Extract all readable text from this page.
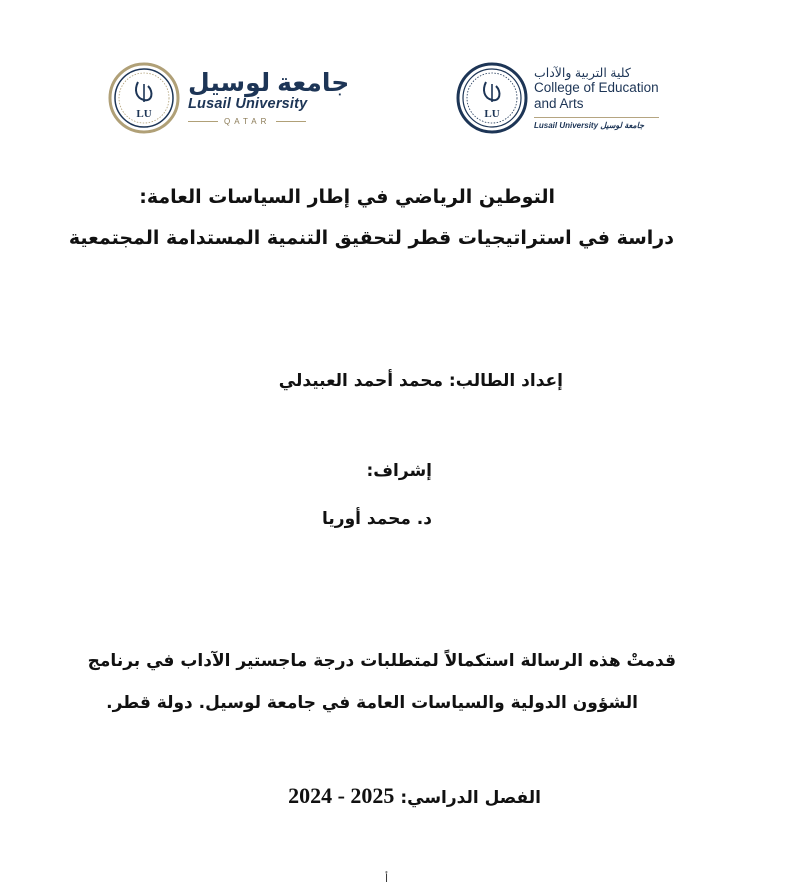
LU
جامعة لوسيل
Lusail University
QATAR
LU
كلية التربية والآداب
College of Education
and Arts
Lusail University جامعة لوسيل
التوطين الرياضي في إطار السياسات العامة:
دراسة في استراتيجيات قطر لتحقيق التنمية المستدامة المجتمعية
إعداد الطالب: محمد أحمد العبيدلي
إشراف:
د. محمد أوريا
قدمتْ هذه الرسالة استكمالاً لمتطلبات درجة ماجستير الآداب في برنامج
الشؤون الدولية والسياسات العامة في جامعة لوسيل. دولة قطر.
الفصل الدراسي: 2024 - 2025
أ
